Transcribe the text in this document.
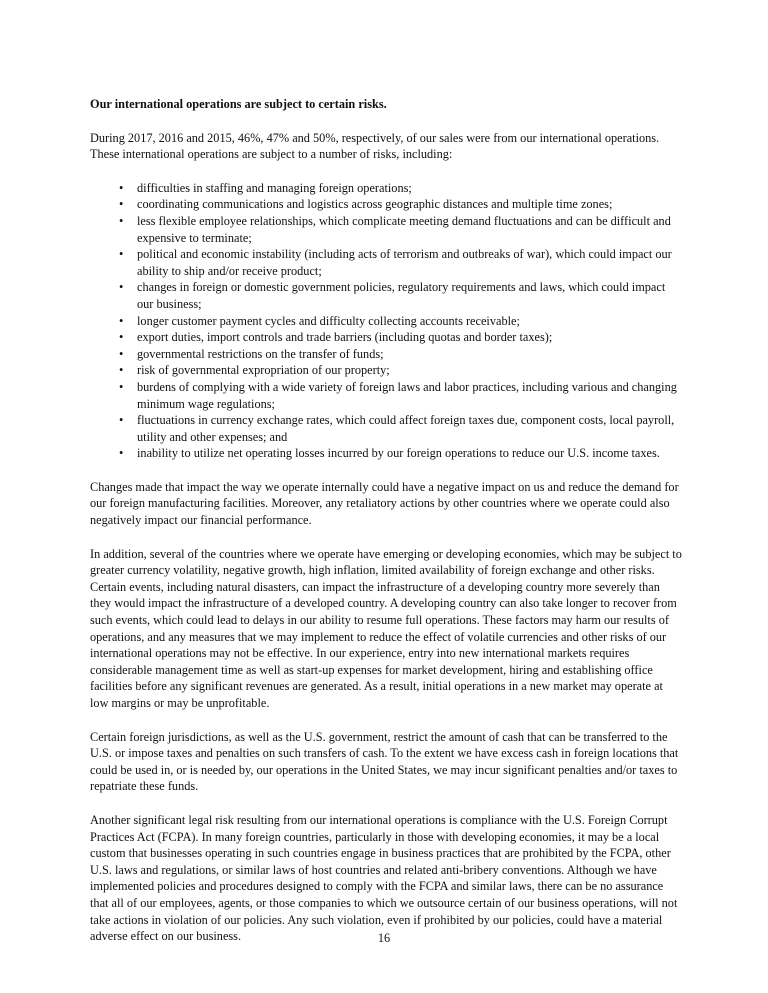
Our international operations are subject to certain risks.

During 2017, 2016 and 2015, 46%, 47% and 50%, respectively, of our sales were from our international operations. These international operations are subject to a number of risks, including:

• difficulties in staffing and managing foreign operations;
• coordinating communications and logistics across geographic distances and multiple time zones;
• less flexible employee relationships, which complicate meeting demand fluctuations and can be difficult and expensive to terminate;
• political and economic instability (including acts of terrorism and outbreaks of war), which could impact our ability to ship and/or receive product;
• changes in foreign or domestic government policies, regulatory requirements and laws, which could impact our business;
• longer customer payment cycles and difficulty collecting accounts receivable;
• export duties, import controls and trade barriers (including quotas and border taxes);
• governmental restrictions on the transfer of funds;
• risk of governmental expropriation of our property;
• burdens of complying with a wide variety of foreign laws and labor practices, including various and changing minimum wage regulations;
• fluctuations in currency exchange rates, which could affect foreign taxes due, component costs, local payroll, utility and other expenses; and
• inability to utilize net operating losses incurred by our foreign operations to reduce our U.S. income taxes.

Changes made that impact the way we operate internally could have a negative impact on us and reduce the demand for our foreign manufacturing facilities. Moreover, any retaliatory actions by other countries where we operate could also negatively impact our financial performance.

In addition, several of the countries where we operate have emerging or developing economies, which may be subject to greater currency volatility, negative growth, high inflation, limited availability of foreign exchange and other risks. Certain events, including natural disasters, can impact the infrastructure of a developing country more severely than they would impact the infrastructure of a developed country. A developing country can also take longer to recover from such events, which could lead to delays in our ability to resume full operations. These factors may harm our results of operations, and any measures that we may implement to reduce the effect of volatile currencies and other risks of our international operations may not be effective. In our experience, entry into new international markets requires considerable management time as well as start-up expenses for market development, hiring and establishing office facilities before any significant revenues are generated. As a result, initial operations in a new market may operate at low margins or may be unprofitable.

Certain foreign jurisdictions, as well as the U.S. government, restrict the amount of cash that can be transferred to the U.S. or impose taxes and penalties on such transfers of cash. To the extent we have excess cash in foreign locations that could be used in, or is needed by, our operations in the United States, we may incur significant penalties and/or taxes to repatriate these funds.

Another significant legal risk resulting from our international operations is compliance with the U.S. Foreign Corrupt Practices Act (FCPA). In many foreign countries, particularly in those with developing economies, it may be a local custom that businesses operating in such countries engage in business practices that are prohibited by the FCPA, other U.S. laws and regulations, or similar laws of host countries and related anti-bribery conventions. Although we have implemented policies and procedures designed to comply with the FCPA and similar laws, there can be no assurance that all of our employees, agents, or those companies to which we outsource certain of our business operations, will not take actions in violation of our policies. Any such violation, even if prohibited by our policies, could have a material adverse effect on our business.	16
